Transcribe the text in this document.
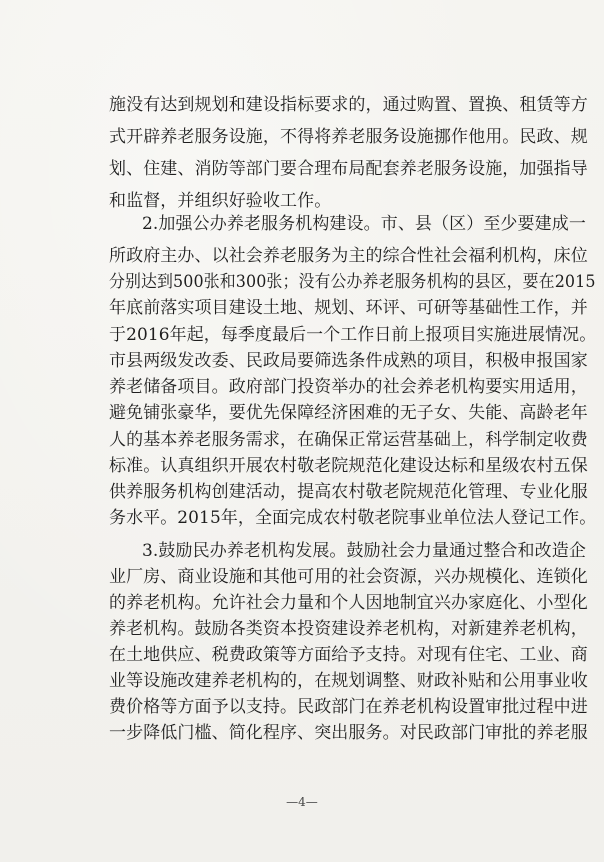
施没有达到规划和建设指标要求的，通过购置、置换、租赁等方
式开辟养老服务设施，不得将养老服务设施挪作他用。民政、规
划、住建、消防等部门要合理布局配套养老服务设施，加强指导
和监督，并组织好验收工作。
2.加强公办养老服务机构建设。市、县（区）至少要建成一
所政府主办、以社会养老服务为主的综合性社会福利机构，床位
分别达到500张和300张；没有公办养老服务机构的县区，要在2015
年底前落实项目建设土地、规划、环评、可研等基础性工作，并
于2016年起，每季度最后一个工作日前上报项目实施进展情况。
市县两级发改委、民政局要筛选条件成熟的项目，积极申报国家
养老储备项目。政府部门投资举办的社会养老机构要实用适用，
避免铺张豪华，要优先保障经济困难的无子女、失能、高龄老年
人的基本养老服务需求，在确保正常运营基础上，科学制定收费
标准。认真组织开展农村敬老院规范化建设达标和星级农村五保
供养服务机构创建活动，提高农村敬老院规范化管理、专业化服
务水平。2015年，全面完成农村敬老院事业单位法人登记工作。
3.鼓励民办养老机构发展。鼓励社会力量通过整合和改造企
业厂房、商业设施和其他可用的社会资源，兴办规模化、连锁化
的养老机构。允许社会力量和个人因地制宜兴办家庭化、小型化
养老机构。鼓励各类资本投资建设养老机构，对新建养老机构，
在土地供应、税费政策等方面给予支持。对现有住宅、工业、商
业等设施改建养老机构的，在规划调整、财政补贴和公用事业收
费价格等方面予以支持。民政部门在养老机构设置审批过程中进
一步降低门槛、简化程序、突出服务。对民政部门审批的养老服
—4—
